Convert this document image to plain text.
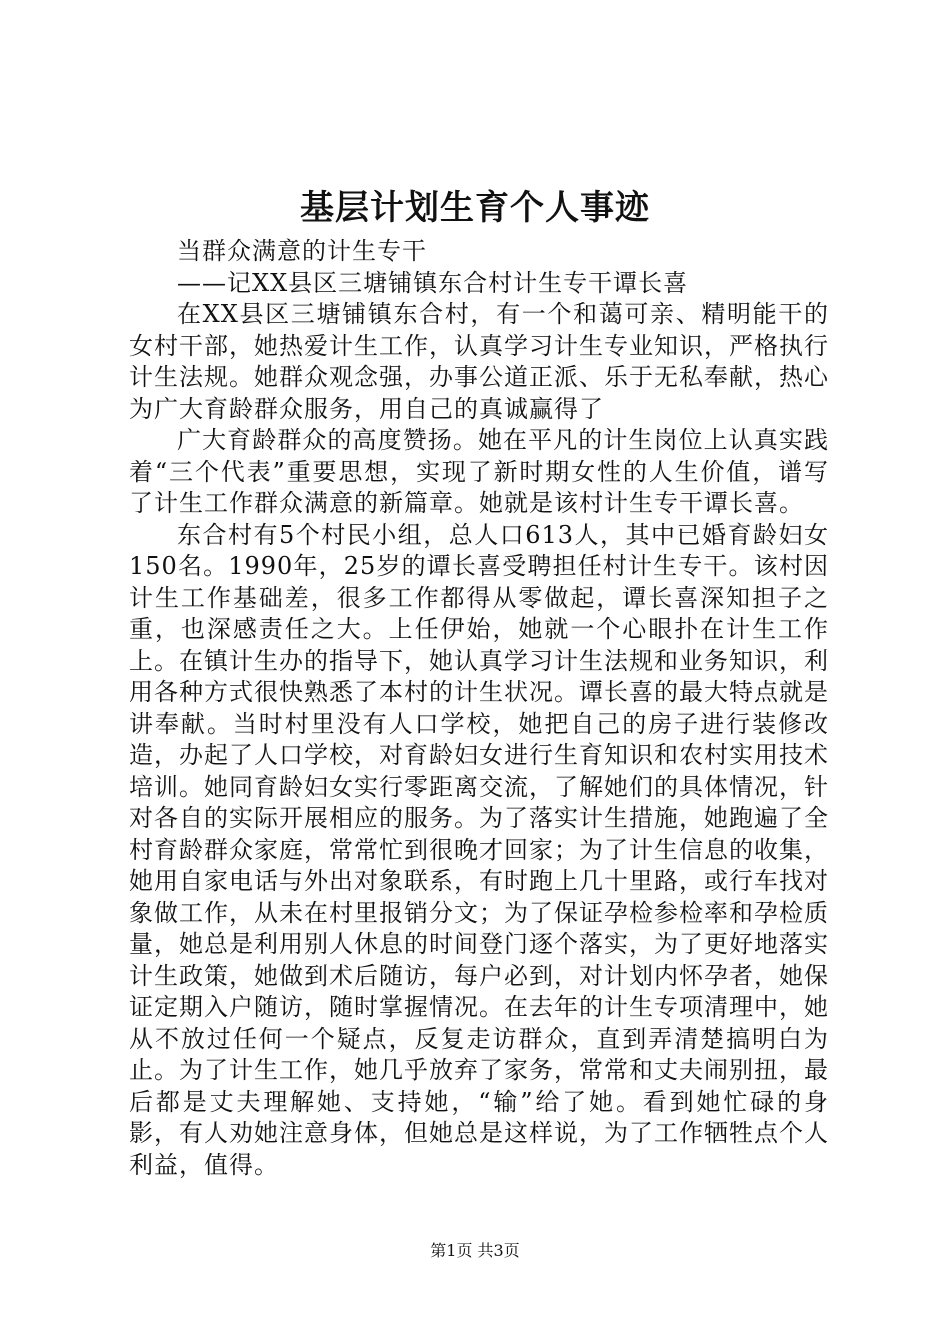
基层计划生育个人事迹

当群众满意的计生专干

——记XX县区三塘铺镇东合村计生专干谭长喜

在XX县区三塘铺镇东合村，有一个和蔼可亲、精明能干的女村干部，她热爱计生工作，认真学习计生专业知识，严格执行计生法规。她群众观念强，办事公道正派、乐于无私奉献，热心为广大育龄群众服务，用自己的真诚赢得了

广大育龄群众的高度赞扬。她在平凡的计生岗位上认真实践着“三个代表”重要思想，实现了新时期女性的人生价值，谱写了计生工作群众满意的新篇章。她就是该村计生专干谭长喜。

东合村有5个村民小组，总人口613人，其中已婚育龄妇女150名。1990年，25岁的谭长喜受聘担任村计生专干。该村因计生工作基础差，很多工作都得从零做起，谭长喜深知担子之重，也深感责任之大。上任伊始，她就一个心眼扑在计生工作上。在镇计生办的指导下，她认真学习计生法规和业务知识，利用各种方式很快熟悉了本村的计生状况。谭长喜的最大特点就是讲奉献。当时村里没有人口学校，她把自己的房子进行装修改造，办起了人口学校，对育龄妇女进行生育知识和农村实用技术培训。她同育龄妇女实行零距离交流，了解她们的具体情况，针对各自的实际开展相应的服务。为了落实计生措施，她跑遍了全村育龄群众家庭，常常忙到很晚才回家；为了计生信息的收集，她用自家电话与外出对象联系，有时跑上几十里路，或行车找对象做工作，从未在村里报销分文；为了保证孕检参检率和孕检质量，她总是利用别人休息的时间登门逐个落实，为了更好地落实计生政策，她做到术后随访，每户必到，对计划内怀孕者，她保证定期入户随访，随时掌握情况。在去年的计生专项清理中，她从不放过任何一个疑点，反复走访群众，直到弄清楚搞明白为止。为了计生工作，她几乎放弃了家务，常常和丈夫闹别扭，最后都是丈夫理解她、支持她，“输”给了她。看到她忙碌的身影，有人劝她注意身体，但她总是这样说，为了工作牺牲点个人利益，值得。

第1页 共3页
